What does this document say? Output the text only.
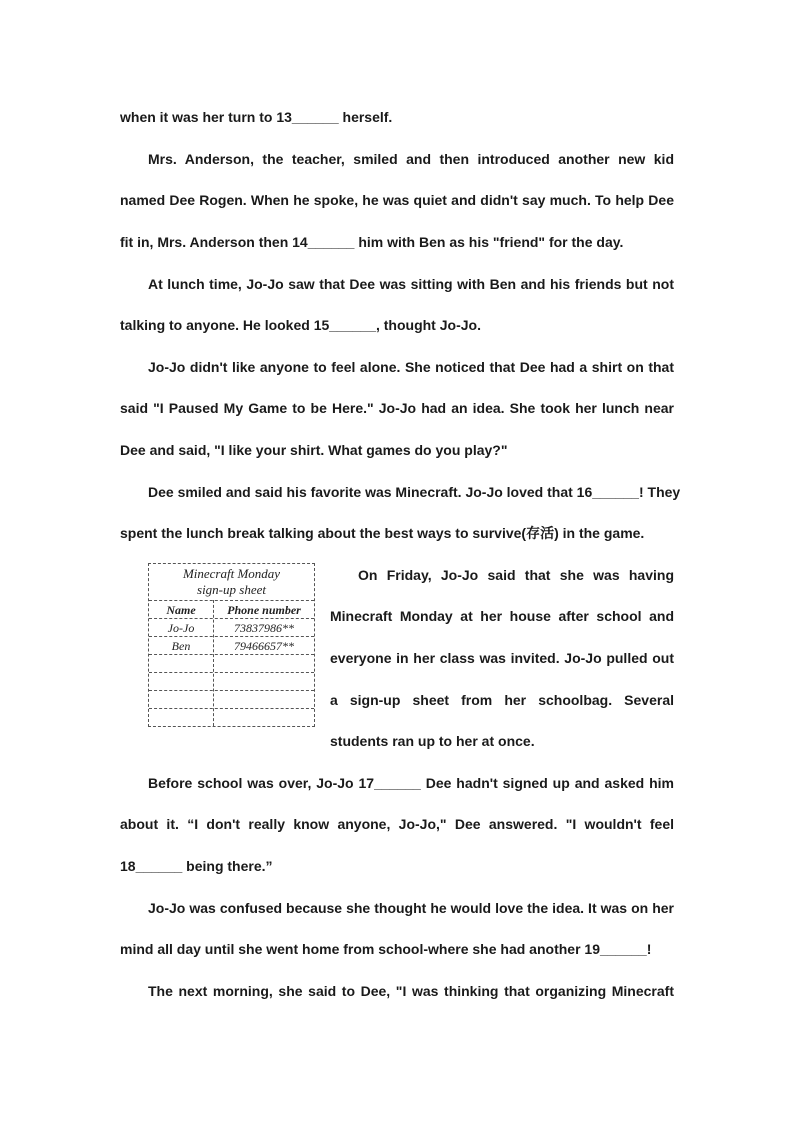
when it was her turn to 13______ herself.
Mrs. Anderson, the teacher, smiled and then introduced another new kid
named Dee Rogen. When he spoke, he was quiet and didn't say much. To help Dee
fit in, Mrs. Anderson then 14______ him with Ben as his "friend" for the day.
At lunch time, Jo-Jo saw that Dee was sitting with Ben and his friends but not
talking to anyone. He looked 15______, thought Jo-Jo.
Jo-Jo didn't like anyone to feel alone. She noticed that Dee had a shirt on that
said "I Paused My Game to be Here." Jo-Jo had an idea. She took her lunch near
Dee and said, "I like your shirt. What games do you play?"
Dee smiled and said his favorite was Minecraft. Jo-Jo loved that 16______! They
spent the lunch break talking about the best ways to survive(存活) in the game.
Minecraft Monday
sign-up sheet
Name	Phone number
Jo-Jo	73837986**
Ben	79466657**
On Friday, Jo-Jo said that she was having
Minecraft Monday at her house after school and
everyone in her class was invited. Jo-Jo pulled out
a sign-up sheet from her schoolbag. Several
students ran up to her at once.
Before school was over, Jo-Jo 17______ Dee hadn't signed up and asked him
about it. “I don't really know anyone, Jo-Jo," Dee answered. "I wouldn't feel
18______ being there.”
Jo-Jo was confused because she thought he would love the idea. It was on her
mind all day until she went home from school-where she had another 19______!
The next morning, she said to Dee, "I was thinking that organizing Minecraft
